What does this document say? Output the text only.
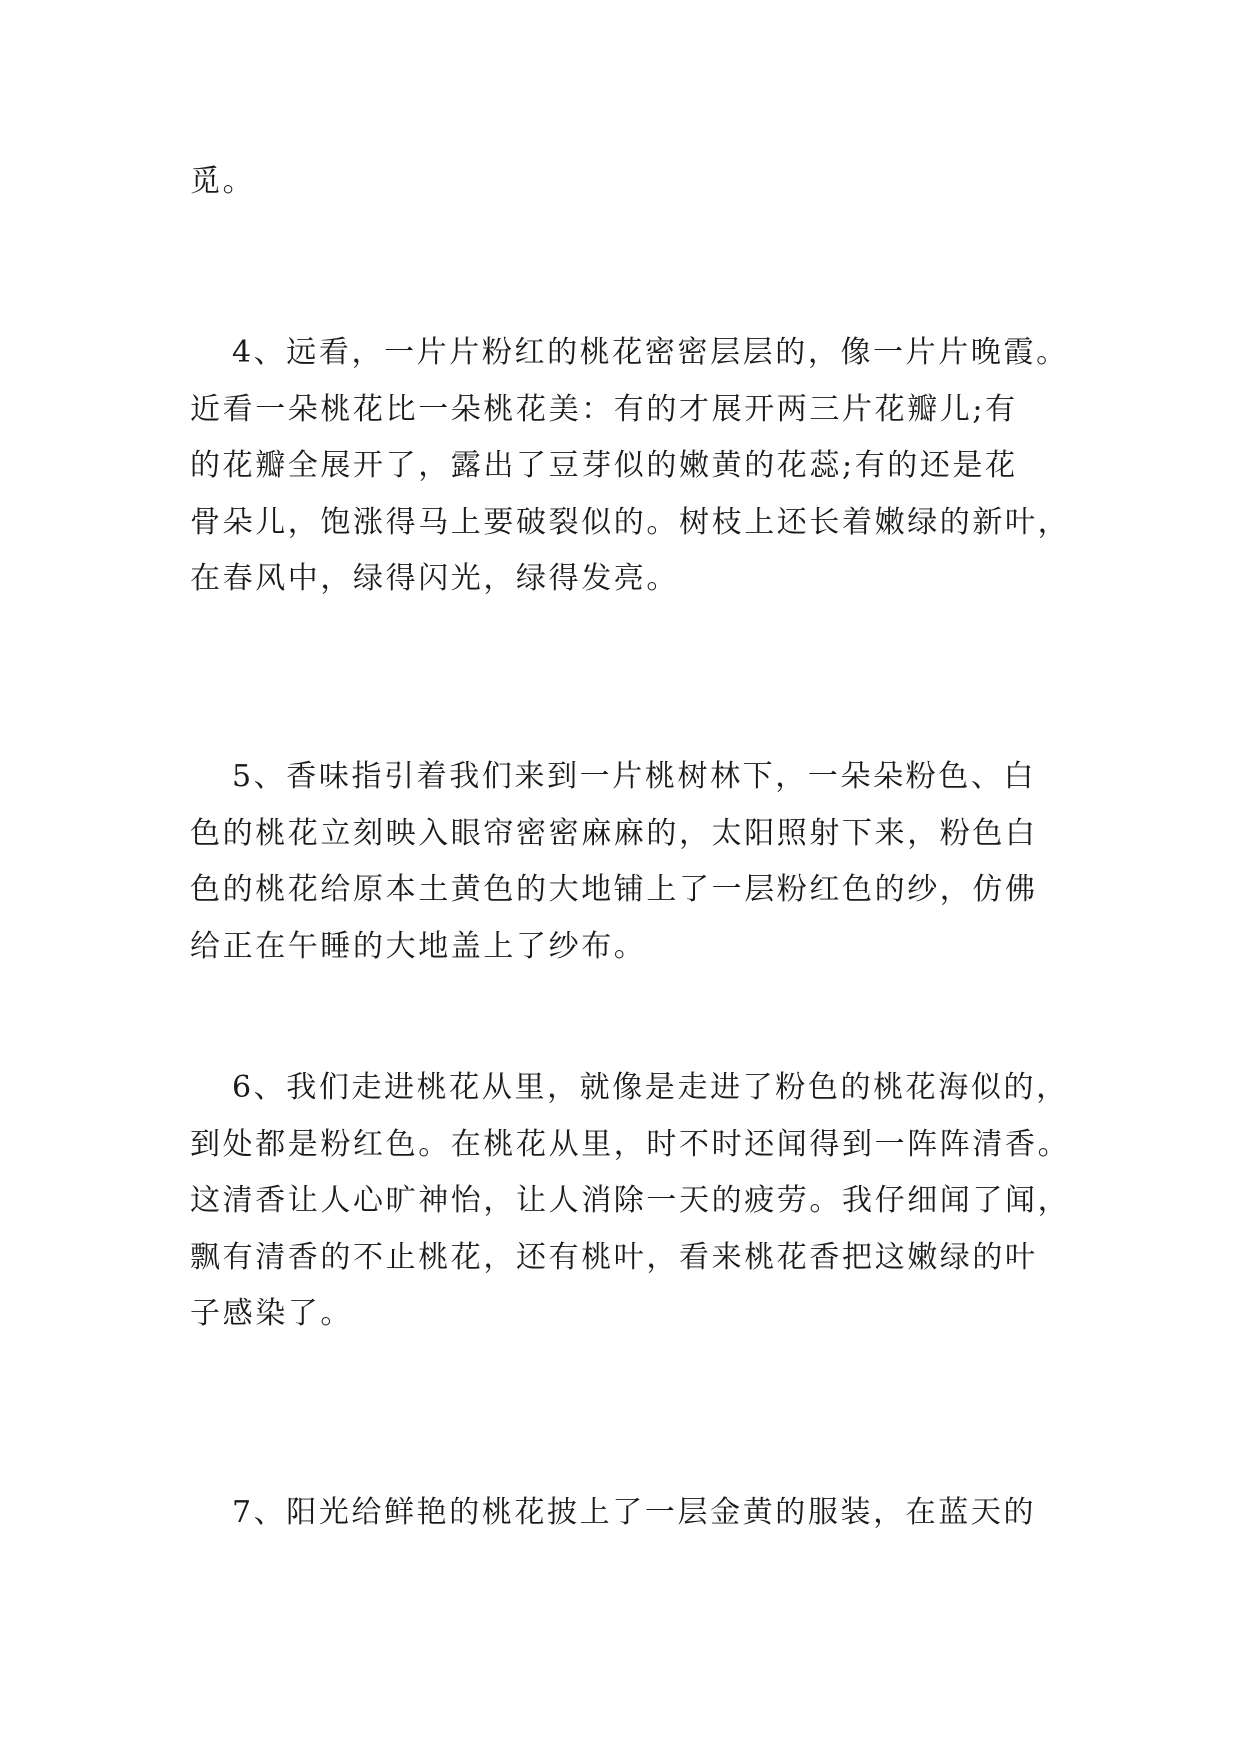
觅。

4、远看，一片片粉红的桃花密密层层的，像一片片晚霞。
近看一朵桃花比一朵桃花美：有的才展开两三片花瓣儿;有
的花瓣全展开了，露出了豆芽似的嫩黄的花蕊;有的还是花
骨朵儿，饱涨得马上要破裂似的。树枝上还长着嫩绿的新叶，
在春风中，绿得闪光，绿得发亮。

5、香味指引着我们来到一片桃树林下，一朵朵粉色、白
色的桃花立刻映入眼帘密密麻麻的，太阳照射下来，粉色白
色的桃花给原本土黄色的大地铺上了一层粉红色的纱，仿佛
给正在午睡的大地盖上了纱布。

6、我们走进桃花从里，就像是走进了粉色的桃花海似的，
到处都是粉红色。在桃花从里，时不时还闻得到一阵阵清香。
这清香让人心旷神怡，让人消除一天的疲劳。我仔细闻了闻，
飘有清香的不止桃花，还有桃叶，看来桃花香把这嫩绿的叶
子感染了。

7、阳光给鲜艳的桃花披上了一层金黄的服装，在蓝天的
